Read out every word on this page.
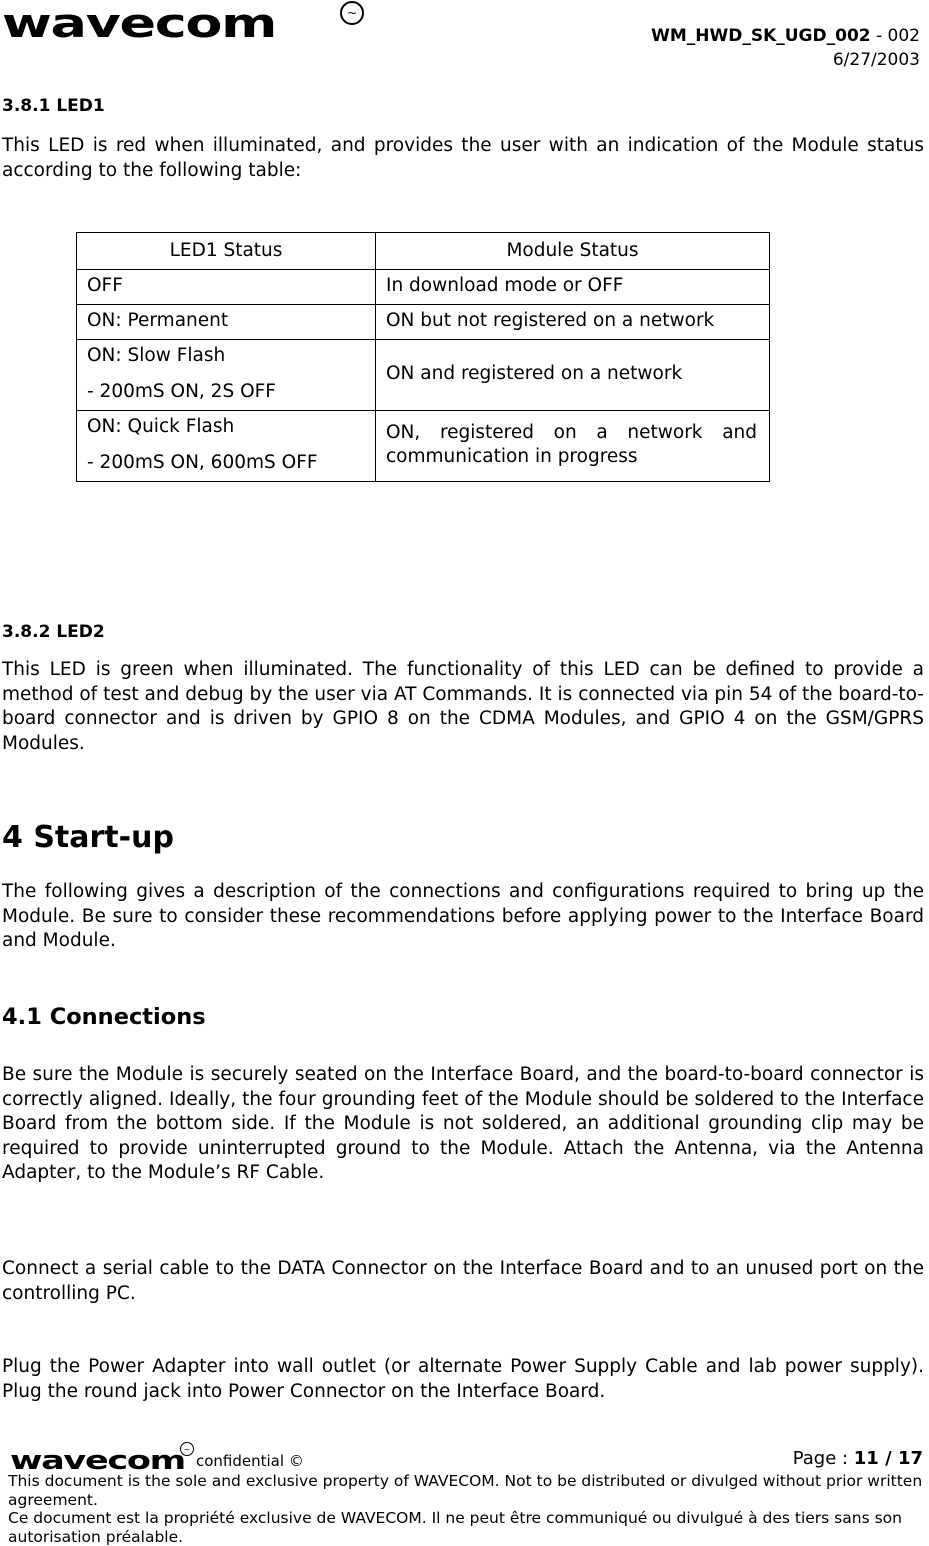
wavecom	~
WM_HWD_SK_UGD_002 - 002
6/27/2003
3.8.1 LED1

This LED is red when illuminated, and provides the user with an indication of the Module status according to the following table:

LED1 Status	Module Status
OFF	In download mode or OFF
ON: Permanent	ON but not registered on a network

ON: Slow Flash
- 200mS ON, 2S OFF	ON and registered on a network

ON: Quick Flash
- 200mS ON, 600mS OFF	ON, registered on a network and communication in progress
3.8.2 LED2

This LED is green when illuminated. The functionality of this LED can be defined to provide a method of test and debug by the user via AT Commands. It is connected via pin 54 of the board-to-board connector and is driven by GPIO 8 on the CDMA Modules, and GPIO 4 on the GSM/GPRS Modules.

4 Start-up

The following gives a description of the connections and configurations required to bring up the Module. Be sure to consider these recommendations before applying power to the Interface Board and Module.

4.1 Connections

Be sure the Module is securely seated on the Interface Board, and the board-to-board connector is correctly aligned. Ideally, the four grounding feet of the Module should be soldered to the Interface Board from the bottom side. If the Module is not soldered, an additional grounding clip may be required to provide uninterrupted ground to the Module. Attach the Antenna, via the Antenna Adapter, to the Module’s RF Cable.

Connect a serial cable to the DATA Connector on the Interface Board and to an unused port on the controlling PC.

Plug the Power Adapter into wall outlet (or alternate Power Supply Cable and lab power supply). Plug the round jack into Power Connector on the Interface Board.

wavecom
~
confidential ©	Page : 11 / 17

This document is the sole and exclusive property of WAVECOM. Not to be distributed or divulged without prior written agreement.
Ce document est la propriété exclusive de WAVECOM. Il ne peut être communiqué ou divulgué à des tiers sans son autorisation préalable.
